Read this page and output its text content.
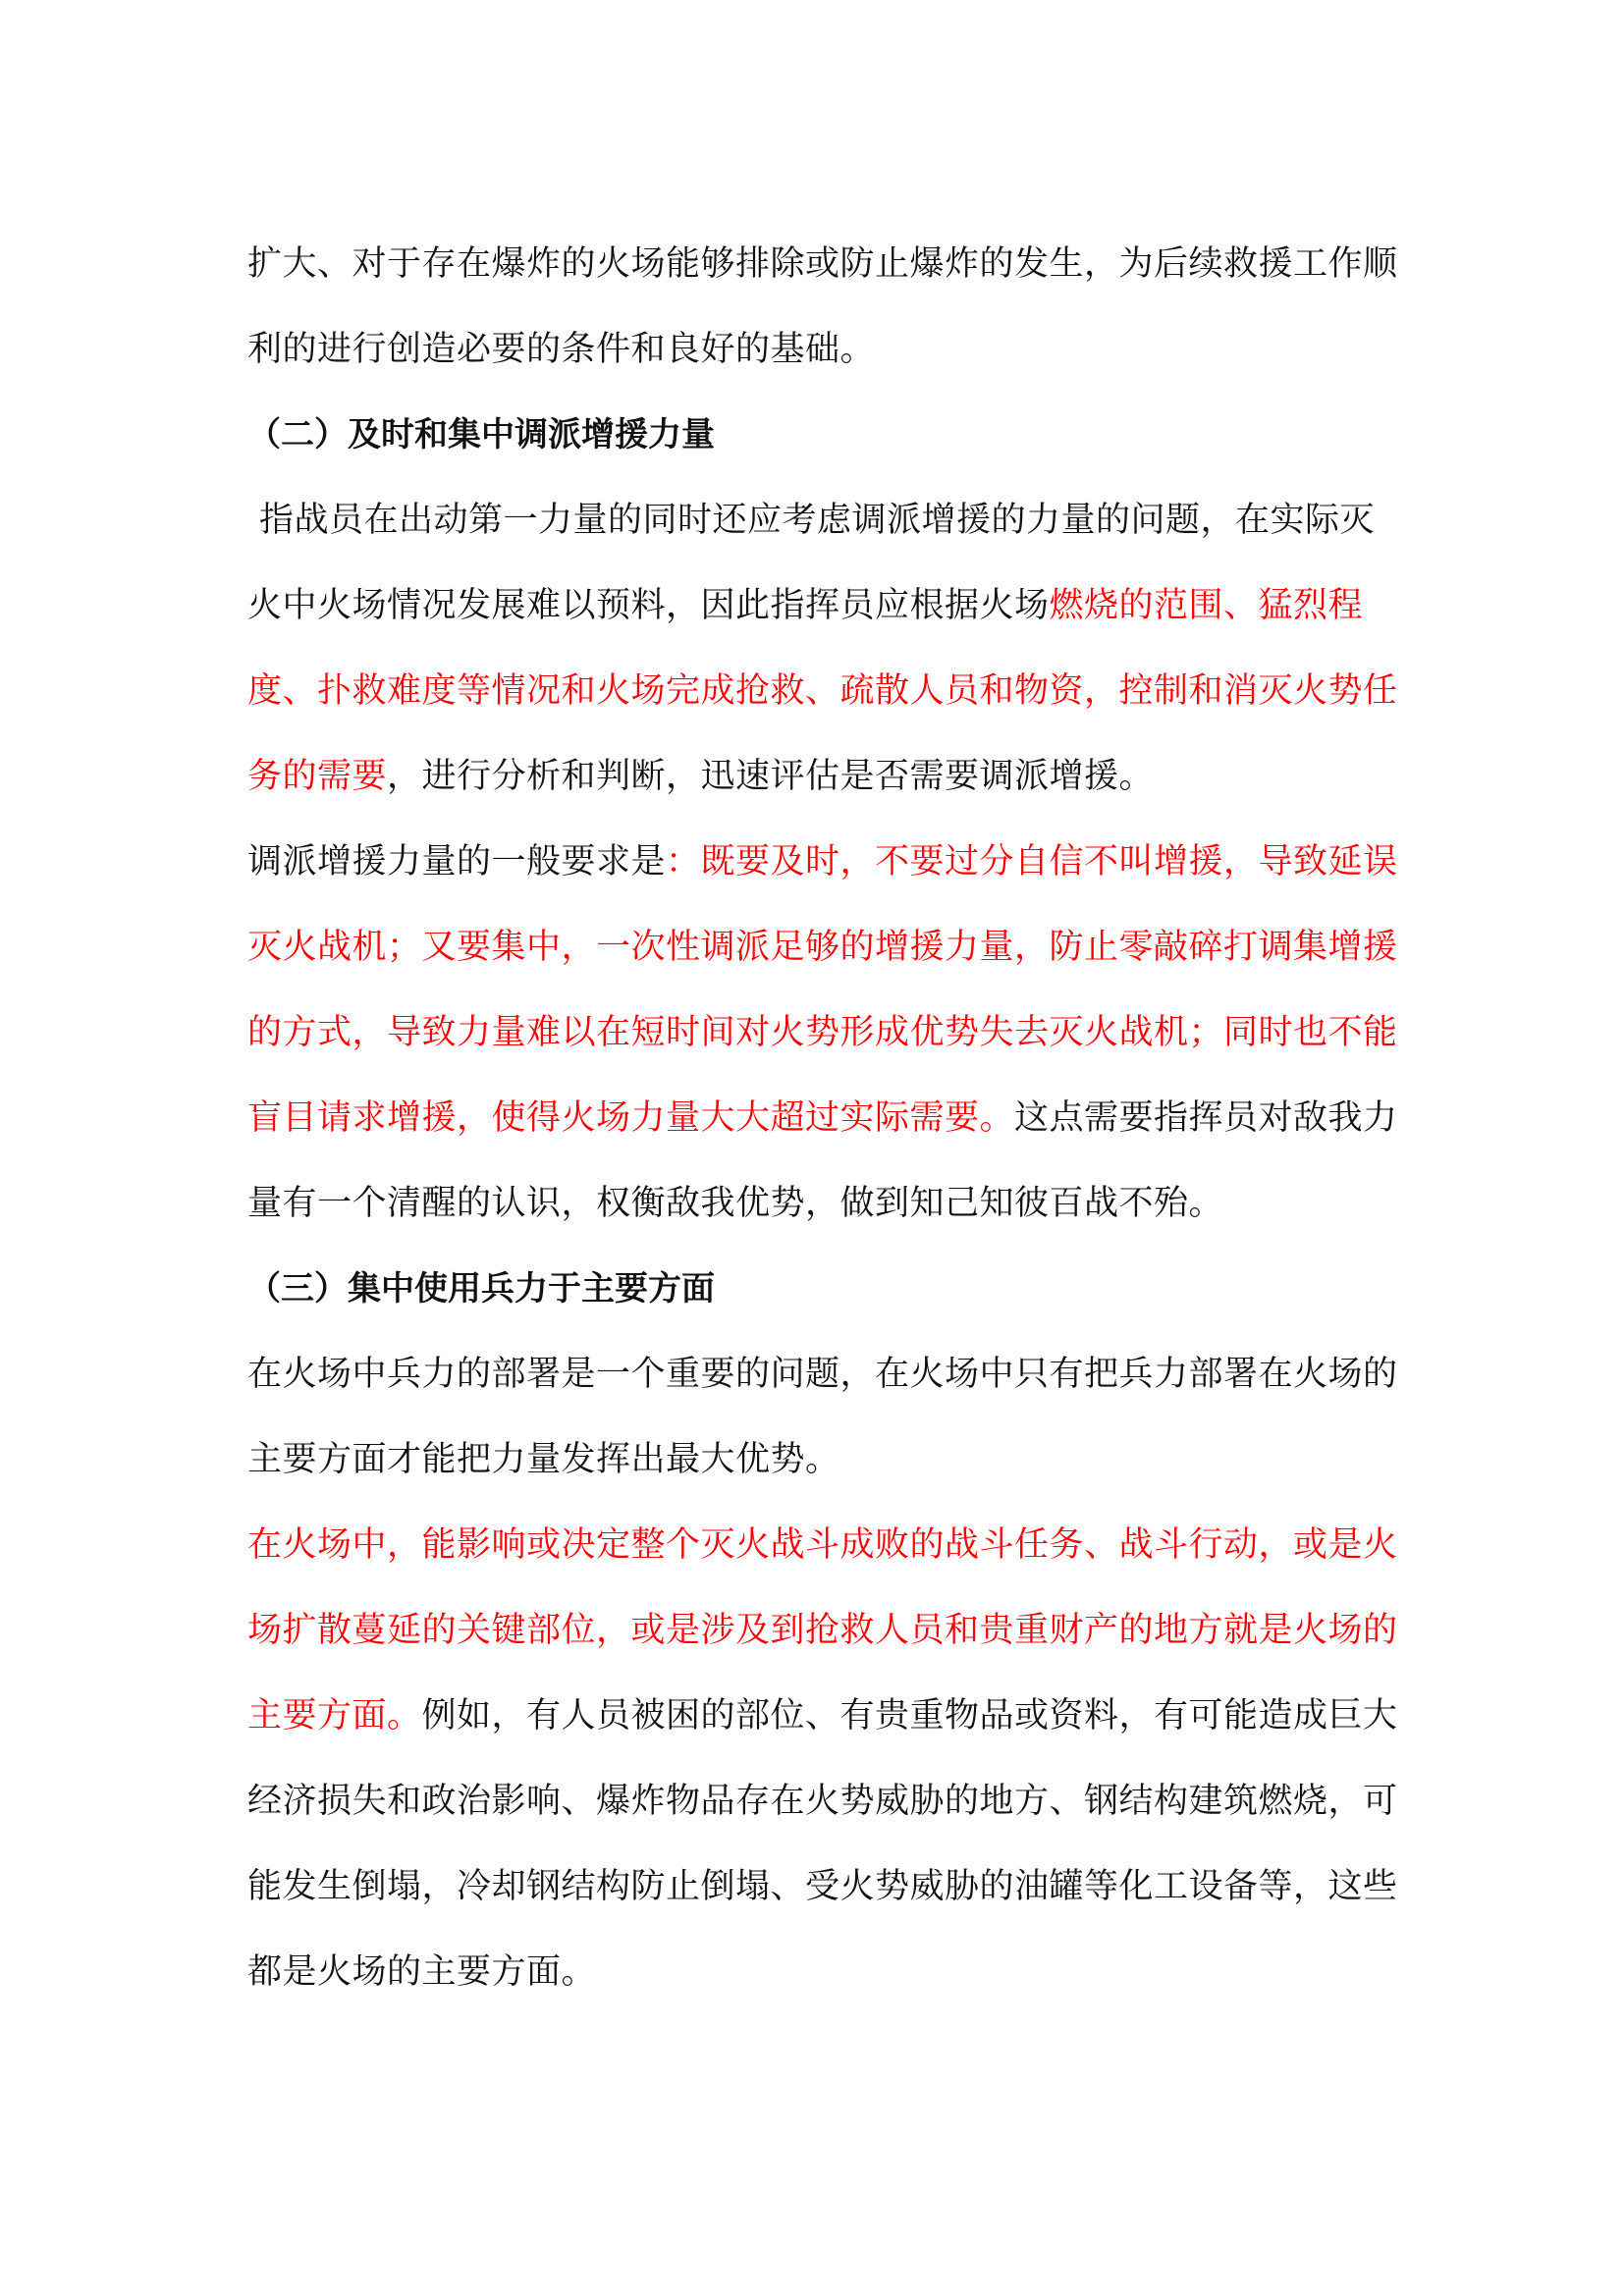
扩大、对于存在爆炸的火场能够排除或防止爆炸的发生，为后续救援工作顺利的进行创造必要的条件和良好的基础。

（二）及时和集中调派增援力量

指战员在出动第一力量的同时还应考虑调派增援的力量的问题，在实际灭火中火场情况发展难以预料，因此指挥员应根据火场燃烧的范围、猛烈程度、扑救难度等情况和火场完成抢救、疏散人员和物资，控制和消灭火势任务的需要，进行分析和判断，迅速评估是否需要调派增援。

调派增援力量的一般要求是：既要及时，不要过分自信不叫增援，导致延误灭火战机；又要集中，一次性调派足够的增援力量，防止零敲碎打调集增援的方式，导致力量难以在短时间对火势形成优势失去灭火战机；同时也不能盲目请求增援，使得火场力量大大超过实际需要。这点需要指挥员对敌我力量有一个清醒的认识，权衡敌我优势，做到知己知彼百战不殆。

（三）集中使用兵力于主要方面

在火场中兵力的部署是一个重要的问题，在火场中只有把兵力部署在火场的主要方面才能把力量发挥出最大优势。

在火场中，能影响或决定整个灭火战斗成败的战斗任务、战斗行动，或是火场扩散蔓延的关键部位，或是涉及到抢救人员和贵重财产的地方就是火场的主要方面。例如，有人员被困的部位、有贵重物品或资料，有可能造成巨大经济损失和政治影响、爆炸物品存在火势威胁的地方、钢结构建筑燃烧，可能发生倒塌，冷却钢结构防止倒塌、受火势威胁的油罐等化工设备等，这些都是火场的主要方面。
